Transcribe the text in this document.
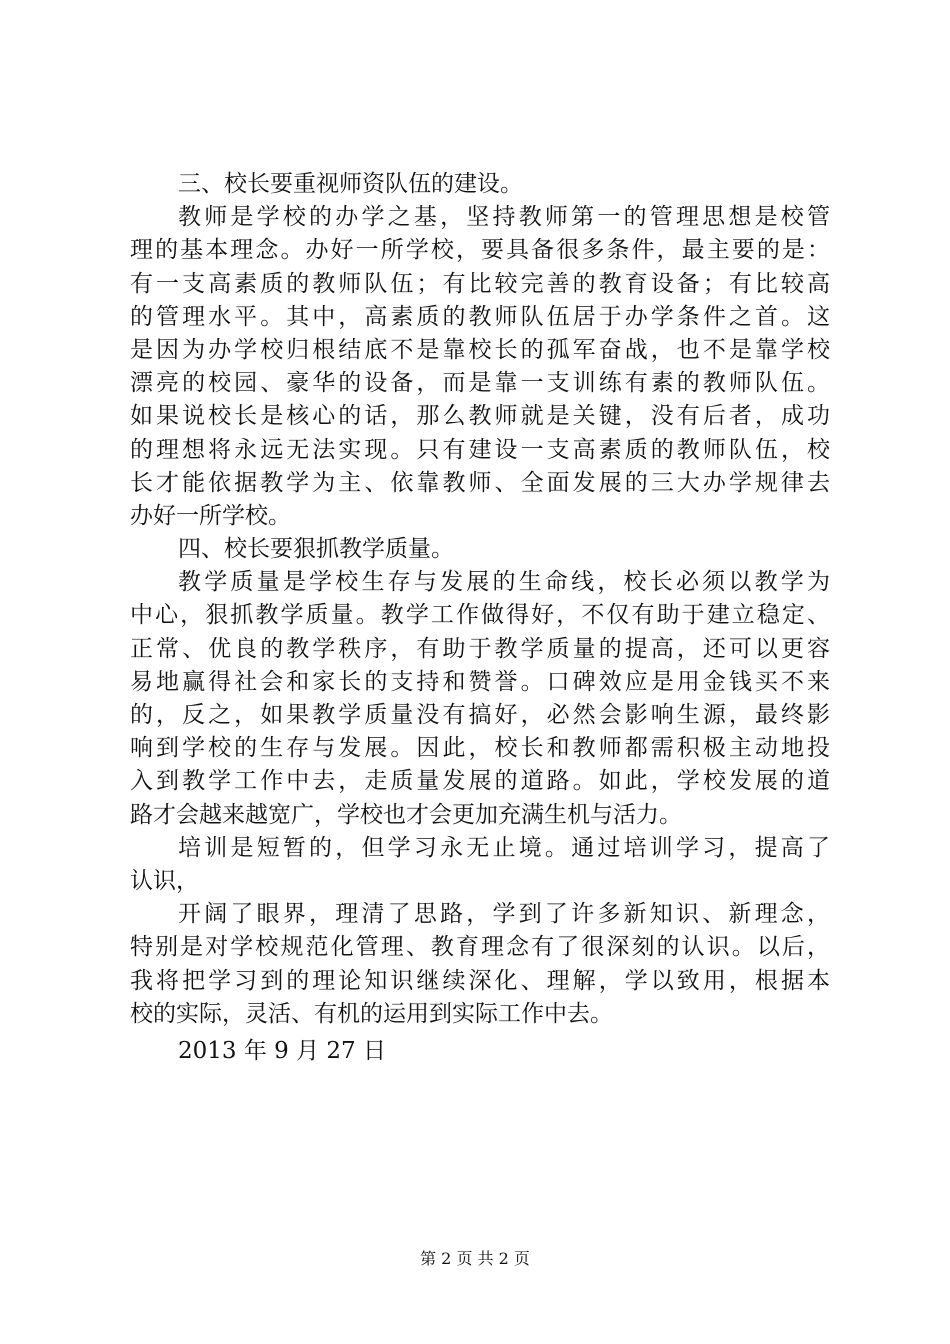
三、校长要重视师资队伍的建设。
教师是学校的办学之基，坚持教师第一的管理思想是校管
理的基本理念。办好一所学校，要具备很多条件，最主要的是：
有一支高素质的教师队伍；有比较完善的教育设备；有比较高
的管理水平。其中，高素质的教师队伍居于办学条件之首。这
是因为办学校归根结底不是靠校长的孤军奋战，也不是靠学校
漂亮的校园、豪华的设备，而是靠一支训练有素的教师队伍。
如果说校长是核心的话，那么教师就是关键，没有后者，成功
的理想将永远无法实现。只有建设一支高素质的教师队伍，校
长才能依据教学为主、依靠教师、全面发展的三大办学规律去
办好一所学校。
四、校长要狠抓教学质量。
教学质量是学校生存与发展的生命线，校长必须以教学为
中心，狠抓教学质量。教学工作做得好，不仅有助于建立稳定、
正常、优良的教学秩序，有助于教学质量的提高，还可以更容
易地赢得社会和家长的支持和赞誉。口碑效应是用金钱买不来
的，反之，如果教学质量没有搞好，必然会影响生源，最终影
响到学校的生存与发展。因此，校长和教师都需积极主动地投
入到教学工作中去，走质量发展的道路。如此，学校发展的道
路才会越来越宽广，学校也才会更加充满生机与活力。
培训是短暂的，但学习永无止境。通过培训学习，提高了
认识，
开阔了眼界，理清了思路，学到了许多新知识、新理念，
特别是对学校规范化管理、教育理念有了很深刻的认识。以后，
我将把学习到的理论知识继续深化、理解，学以致用，根据本
校的实际，灵活、有机的运用到实际工作中去。
2013 年 9 月 27 日
第 2 页 共 2 页
